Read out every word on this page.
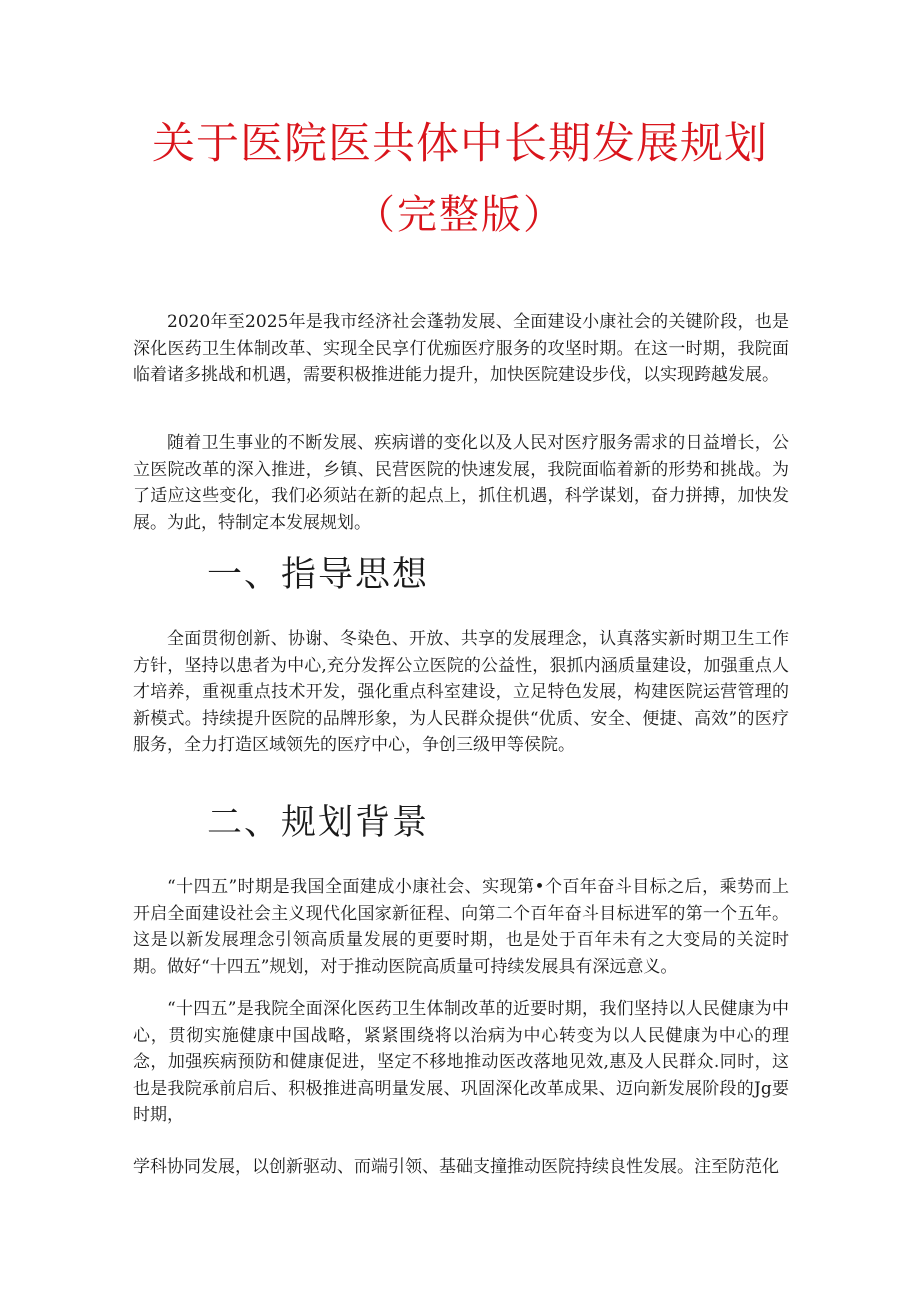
关于医院医共体中长期发展规划
（完整版）

2020年至2025年是我市经济社会蓬勃发展、全面建设小康社会的关键阶段，也是深化医药卫生体制改革、实现全民享仃优痂医疗服务的攻坚时期。在这一时期，我院面临着诸多挑战和机遇，需要积极推进能力提升，加快医院建设步伐，以实现跨越发展。

随着卫生事业的不断发展、疾病谱的变化以及人民对医疗服务需求的日益增长，公立医院改革的深入推进，乡镇、民营医院的快速发展，我院面临着新的形势和挑战。为了适应这些变化，我们必须站在新的起点上，抓住机遇，科学谋划，奋力拼搏，加快发展。为此，特制定本发展规划。

一、指导思想

全面贯彻创新、协谢、冬染色、开放、共享的发展理念，认真落实新时期卫生工作方针，坚持以患者为中心,充分发挥公立医院的公益性，狠抓内涵质量建设，加强重点人才培养，重视重点技术开发，强化重点科室建设，立足特色发展，构建医院运营管理的新模式。持续提升医院的品牌形象，为人民群众提供“优质、安全、便捷、高效”的医疗服务，全力打造区域领先的医疗中心，争创三级甲等侯院。

二、规划背景

“十四五”时期是我国全面建成小康社会、实现第•个百年奋斗目标之后，乘势而上开启全面建设社会主义现代化国家新征程、向第二个百年奋斗目标进军的第一个五年。这是以新发展理念引领高质量发展的更要时期，也是处于百年未有之大变局的关淀时期。做好“十四五”规划，对于推动医院高质量可持续发展具有深远意义。

“十四五”是我院全面深化医药卫生体制改革的近要时期，我们坚持以人民健康为中心，贯彻实施健康中国战略，紧紧围绕将以治病为中心转变为以人民健康为中心的理念，加强疾病预防和健康促进，坚定不移地推动医改落地见效,惠及人民群众.同时，这也是我院承前启后、积极推进高明量发展、巩固深化改革成果、迈向新发展阶段的Jg要时期，

学科协同发展，以创新驱动、而端引领、基础支撞推动医院持续良性发展。注至防范化
